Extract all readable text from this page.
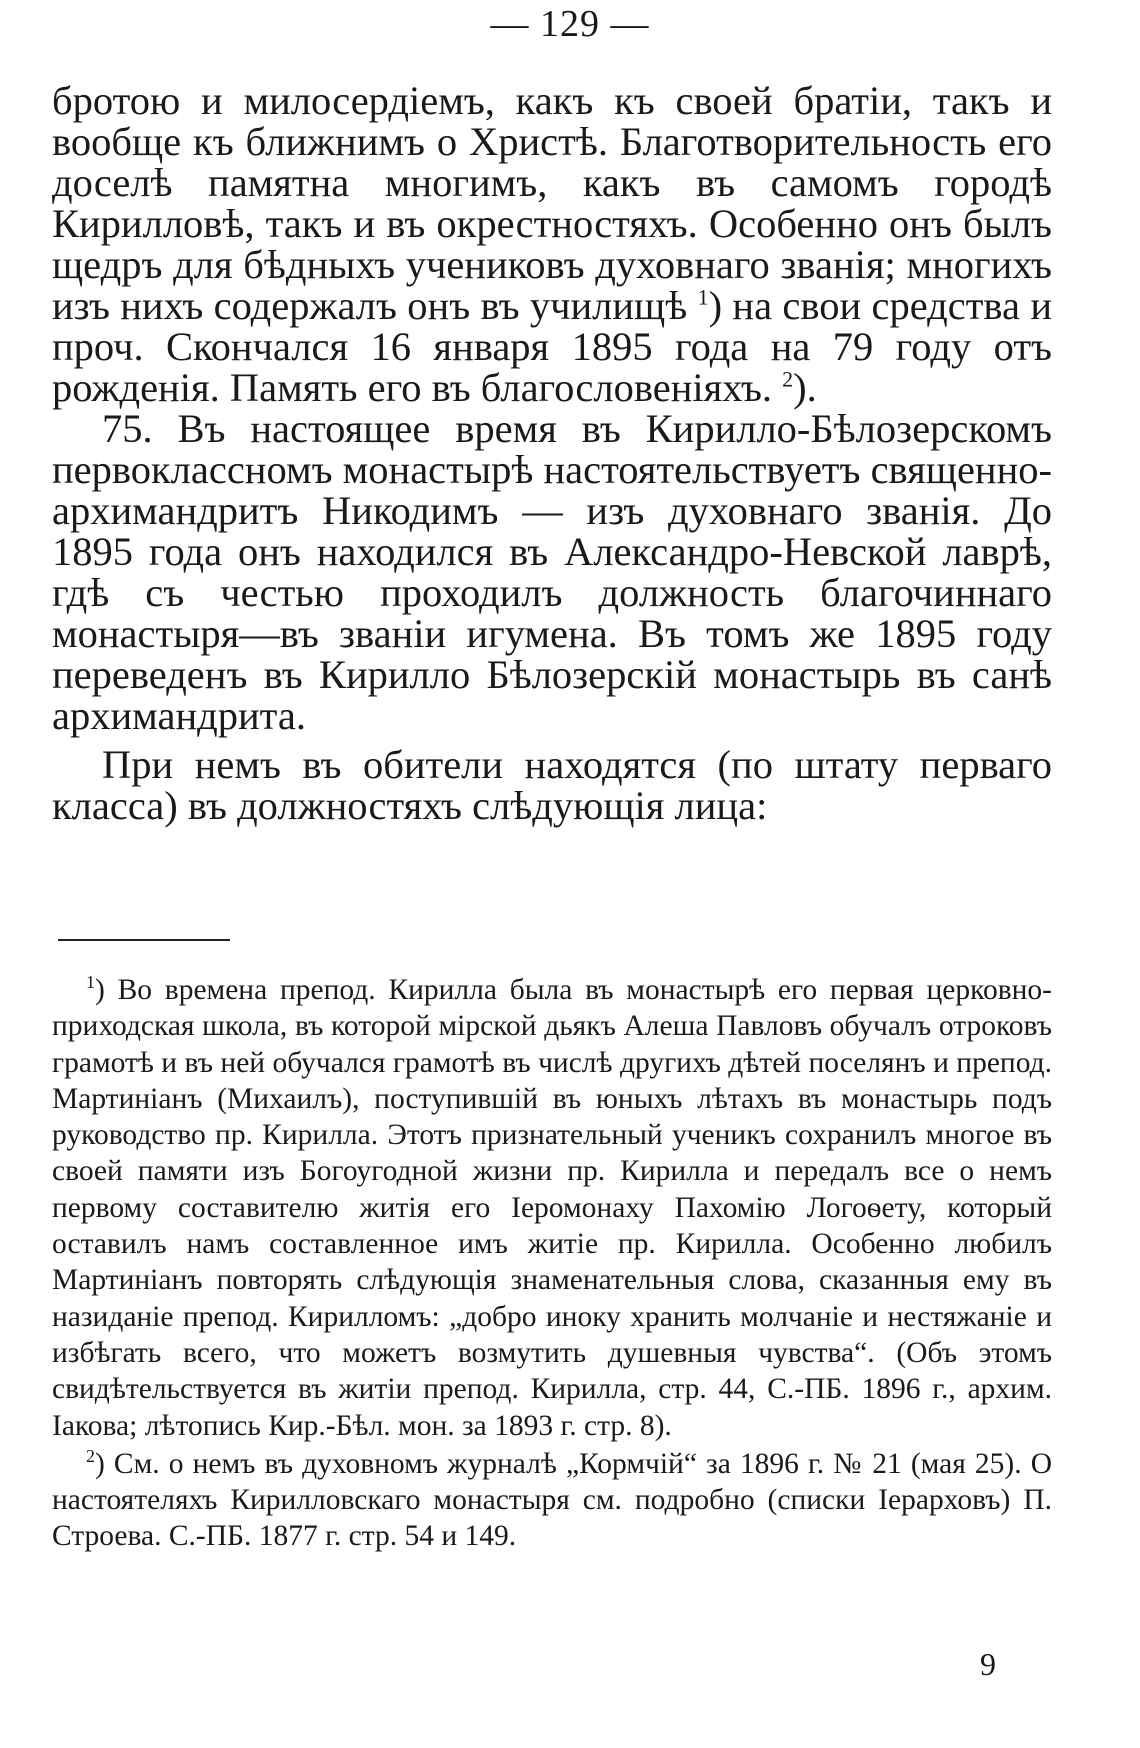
— 129 —

бротою и милосердіемъ, какъ къ своей братіи, такъ и вообще къ ближнимъ о Христѣ. Благотворительность его доселѣ памятна многимъ, какъ въ самомъ городѣ Кирилловѣ, такъ и въ окрестностяхъ. Особенно онъ былъ щедръ для бѣдныхъ учениковъ духовнаго званія; многихъ изъ нихъ содержалъ онъ въ училищѣ $^1$) на свои средства и проч. Скончался 16 января 1895 года на 79 году отъ рожденія. Память его въ благословеніяхъ. $^2$).

75. Въ настоящее время въ Кирилло-Бѣлозерскомъ первоклассномъ монастырѣ настоятельствуетъ священно-архимандритъ Никодимъ — изъ духовнаго званія. До 1895 года онъ находился въ Александро-Невской лаврѣ, гдѣ съ честью проходилъ должность благочиннаго монастыря—въ званіи игумена. Въ томъ же 1895 году переведенъ въ Кирилло Бѣлозерскій монастырь въ санѣ архимандрита.

При немъ въ обители находятся (по штату перваго класса) въ должностяхъ слѣдующія лица:

$^1$) Во времена препод. Кирилла была въ монастырѣ его первая церковно-приходская школа, въ которой мірской дьякъ Алеша Павловъ обучалъ отроковъ грамотѣ и въ ней обучался грамотѣ въ числѣ другихъ дѣтей поселянъ и препод. Мартиніанъ (Михаилъ), поступившій въ юныхъ лѣтахъ въ монастырь подъ руководство пр. Кирилла. Этотъ признательный ученикъ сохранилъ многое въ своей памяти изъ Богоугодной жизни пр. Кирилла и передалъ все о немъ первому составителю житія его Іеромонаху Пахомію Логоѳету, который оставилъ намъ составленное имъ житіе пр. Кирилла. Особенно любилъ Мартиніанъ повторять слѣдующія знаменательныя слова, сказанныя ему въ назиданіе препод. Кирилломъ: „добро иноку хранить молчаніе и нестяжаніе и избѣгать всего, что можетъ возмутить душевныя чувства“. (Объ этомъ свидѣтельствуется въ житіи препод. Кирилла, стр. 44, С.-ПБ. 1896 г., архим. Іакова; лѣтопись Кир.-Бѣл. мон. за 1893 г. стр. 8).

$^2$) См. о немъ въ духовномъ журналѣ „Кормчій“ за 1896 г. № 21 (мая 25). О настоятеляхъ Кирилловскаго монастыря см. подробно (списки Іерарховъ) П. Строева. С.-ПБ. 1877 г. стр. 54 и 149.

9
